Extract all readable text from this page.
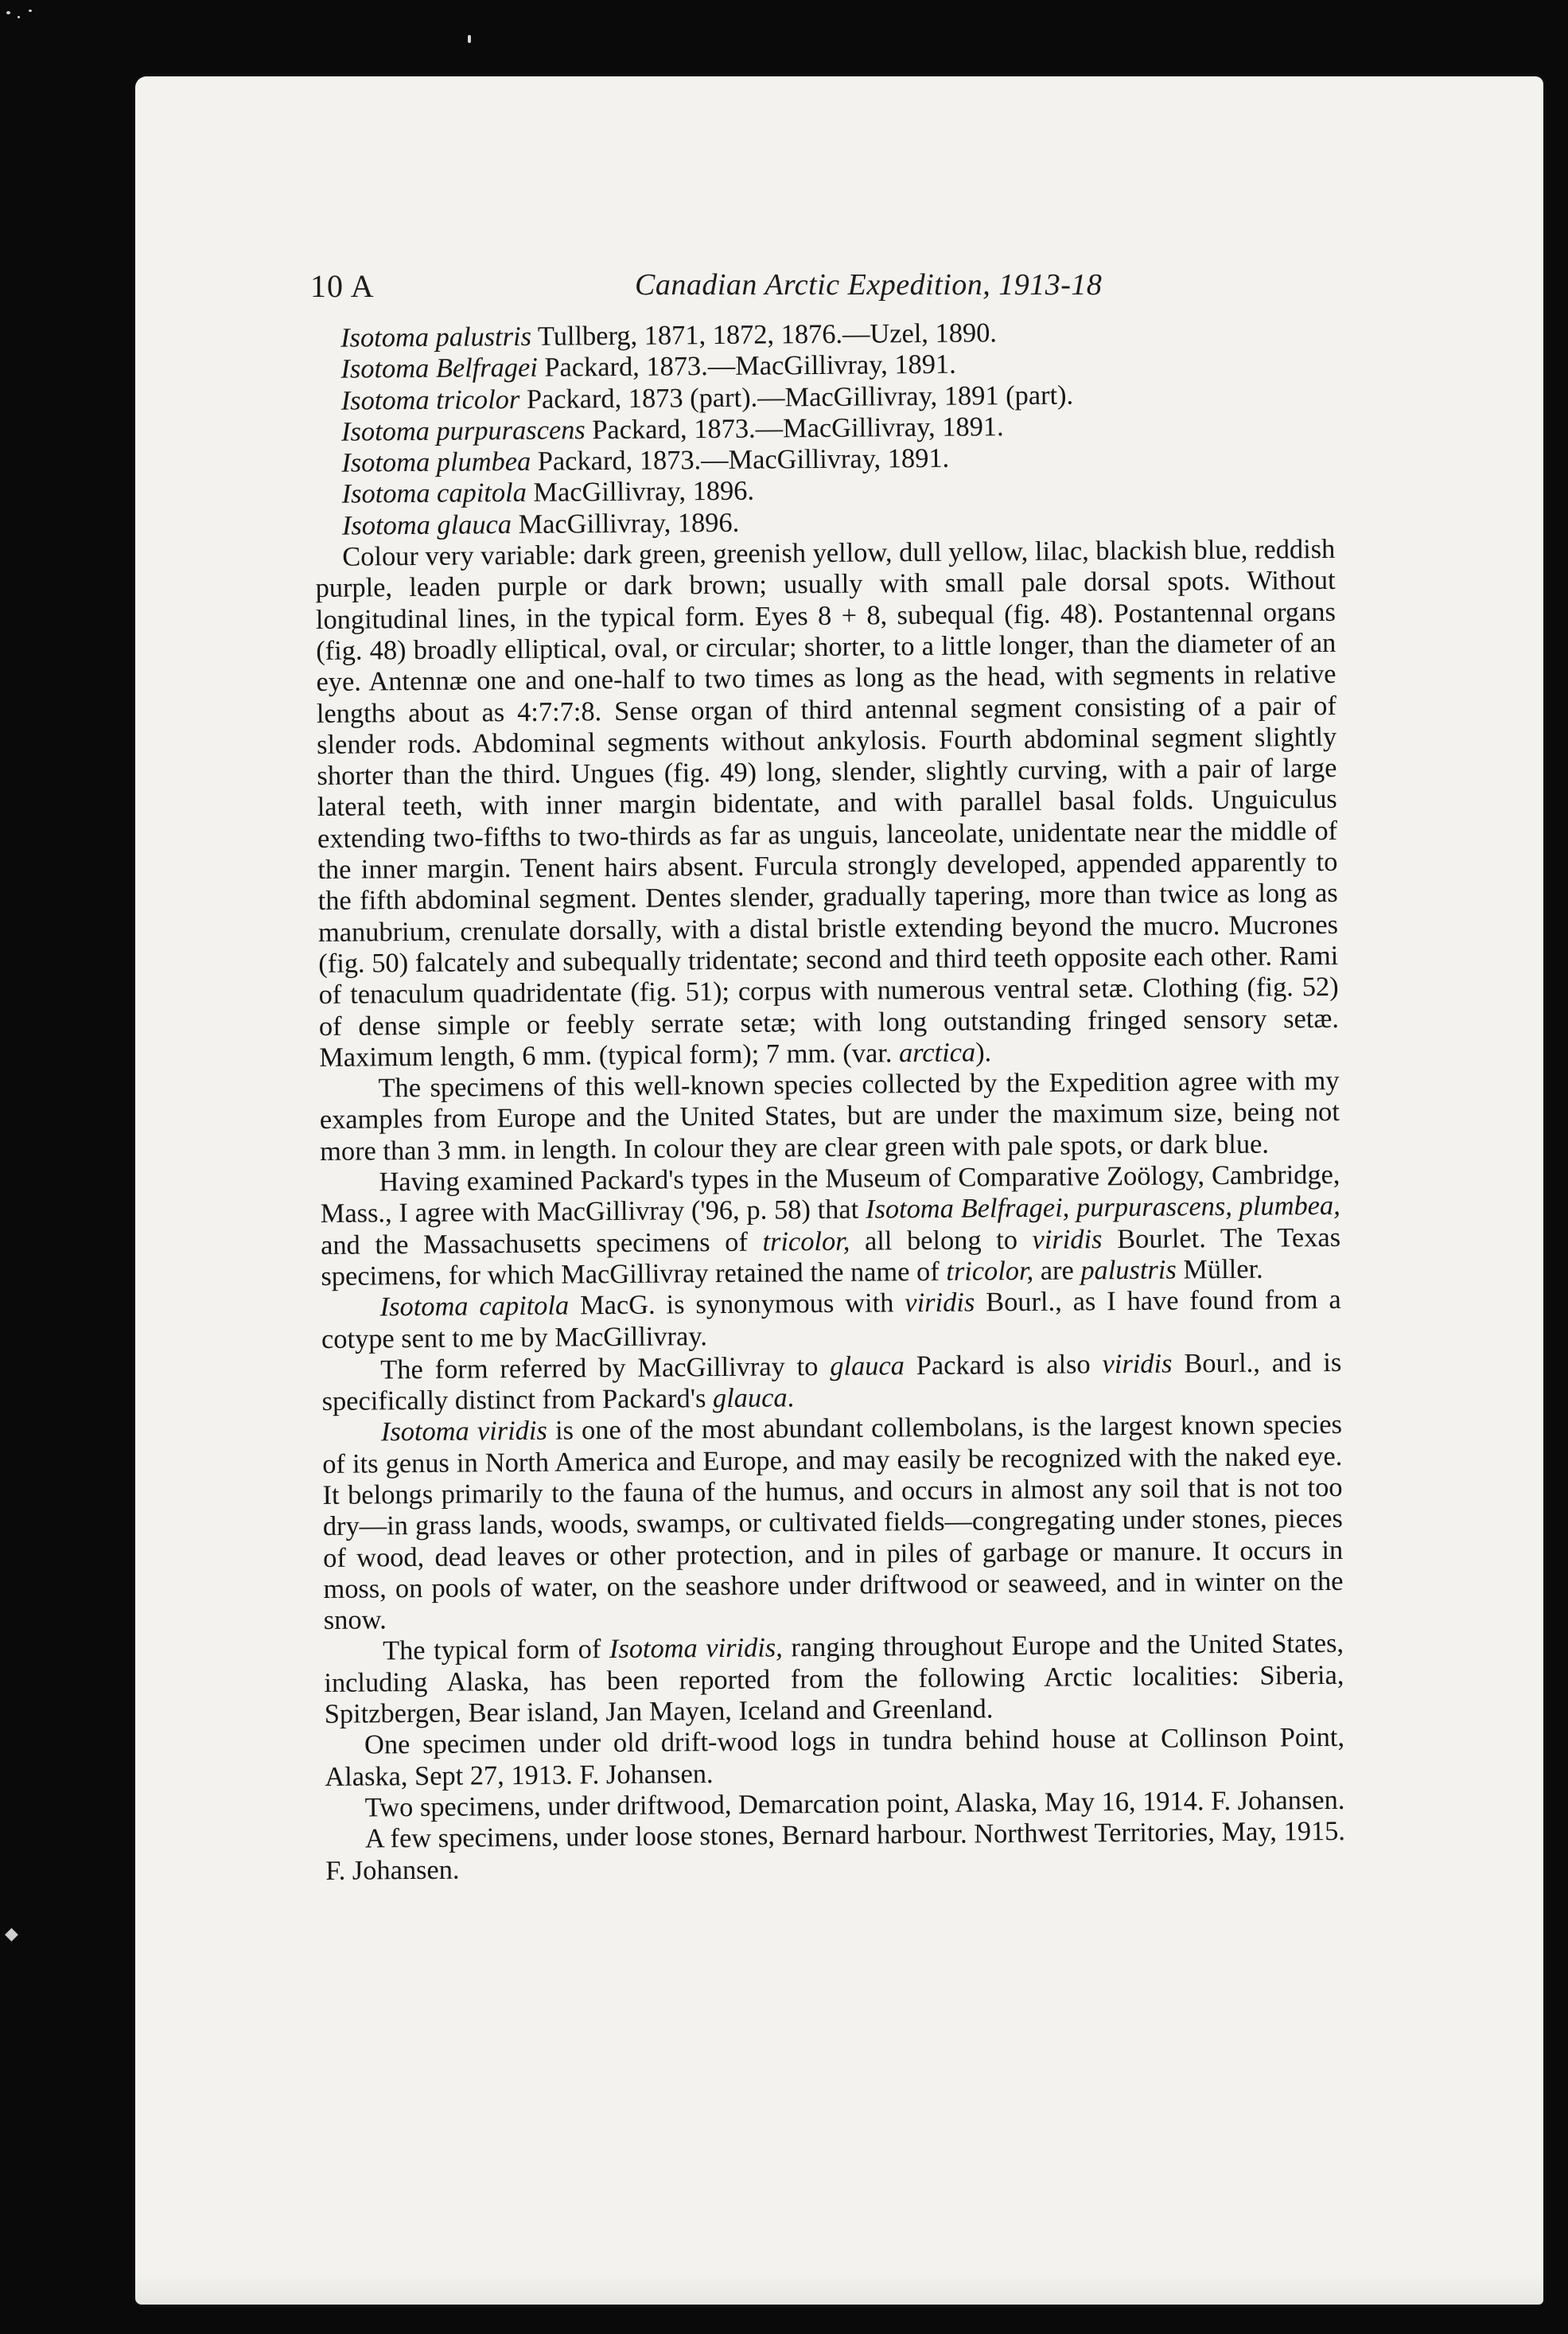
◆
10 A	Canadian Arctic Expedition, 1913-18

Isotoma palustris Tullberg, 1871, 1872, 1876.—Uzel, 1890.

Isotoma Belfragei Packard, 1873.—MacGillivray, 1891.

Isotoma tricolor Packard, 1873 (part).—MacGillivray, 1891 (part).

Isotoma purpurascens Packard, 1873.—MacGillivray, 1891.

Isotoma plumbea Packard, 1873.—MacGillivray, 1891.

Isotoma capitola MacGillivray, 1896.

Isotoma glauca MacGillivray, 1896.

Colour very variable: dark green, greenish yellow, dull yellow, lilac, blackish blue, reddish purple, leaden purple or dark brown; usually with small pale dorsal spots. Without longitudinal lines, in the typical form. Eyes 8 + 8, subequal (fig. 48). Postantennal organs (fig. 48) broadly elliptical, oval, or circular; shorter, to a little longer, than the diameter of an eye. Antennæ one and one-half to two times as long as the head, with segments in relative lengths about as 4:7:7:8. Sense organ of third antennal segment consisting of a pair of slender rods. Abdominal segments without ankylosis. Fourth abdominal segment slightly shorter than the third. Ungues (fig. 49) long, slender, slightly curving, with a pair of large lateral teeth, with inner margin bidentate, and with parallel basal folds. Unguiculus extending two-fifths to two-thirds as far as unguis, lanceolate, unidentate near the middle of the inner margin. Tenent hairs absent. Furcula strongly developed, appended apparently to the fifth abdominal segment. Dentes slender, gradually tapering, more than twice as long as manubrium, crenulate dorsally, with a distal bristle extending beyond the mucro. Mucrones (fig. 50) falcately and subequally tridentate; second and third teeth opposite each other. Rami of tenaculum quadridentate (fig. 51); corpus with numerous ventral setæ. Clothing (fig. 52) of dense simple or feebly serrate setæ; with long outstanding fringed sensory setæ. Maximum length, 6 mm. (typical form); 7 mm. (var. arctica).

The specimens of this well-known species collected by the Expedition agree with my examples from Europe and the United States, but are under the maximum size, being not more than 3 mm. in length. In colour they are clear green with pale spots, or dark blue.

Having examined Packard's types in the Museum of Comparative Zoölogy, Cambridge, Mass., I agree with MacGillivray ('96, p. 58) that Isotoma Belfragei, purpurascens, plumbea, and the Massachusetts specimens of tricolor, all belong to viridis Bourlet. The Texas specimens, for which MacGillivray retained the name of tricolor, are palustris Müller.

Isotoma capitola MacG. is synonymous with viridis Bourl., as I have found from a cotype sent to me by MacGillivray.

The form referred by MacGillivray to glauca Packard is also viridis Bourl., and is specifically distinct from Packard's glauca.

Isotoma viridis is one of the most abundant collembolans, is the largest known species of its genus in North America and Europe, and may easily be recognized with the naked eye. It belongs primarily to the fauna of the humus, and occurs in almost any soil that is not too dry—in grass lands, woods, swamps, or cultivated fields—congregating under stones, pieces of wood, dead leaves or other protection, and in piles of garbage or manure. It occurs in moss, on pools of water, on the seashore under driftwood or seaweed, and in winter on the snow.

The typical form of Isotoma viridis, ranging throughout Europe and the United States, including Alaska, has been reported from the following Arctic localities: Siberia, Spitzbergen, Bear island, Jan Mayen, Iceland and Greenland.

One specimen under old drift-wood logs in tundra behind house at Collinson Point, Alaska, Sept 27, 1913. F. Johansen.

Two specimens, under driftwood, Demarcation point, Alaska, May 16, 1914. F. Johansen.

A few specimens, under loose stones, Bernard harbour. Northwest Territories, May, 1915. F. Johansen.
